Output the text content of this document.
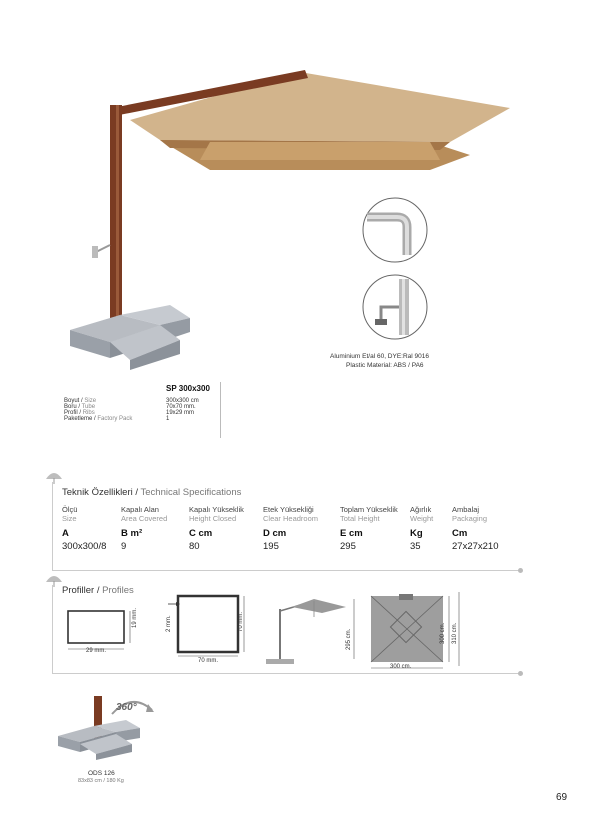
Aluminium Et/al 60, DYE:Ral 9016
Plastic Material: ABS / PA6
SP 300x300
Boyut / Size
Boru / Tube
Profil / Ribs
Paketleme / Factory Pack
300x300 cm
70x70 mm.
19x29 mm
1
Teknik Özellikleri / Technical Specifications
Ölçü
Size
A
300x300/8
Kapalı Alan
Area Covered
B m²
9
Kapalı Yükseklik
Height Closed
C cm
80
Etek Yüksekliği
Clear Headroom
D cm
195
Toplam Yükseklik
Total Height
E cm
295
Ağırlık
Weight
Kg
35
Ambalaj
Packaging
Cm
27x27x210
Profiller / Profiles
29 mm.
19 mm.	2 mm.
70 mm.
70 mm.
295 cm.
300 cm.
300 cm. 310 cm.
360°
ODS 126
83x83 cm / 180 Kg
69
